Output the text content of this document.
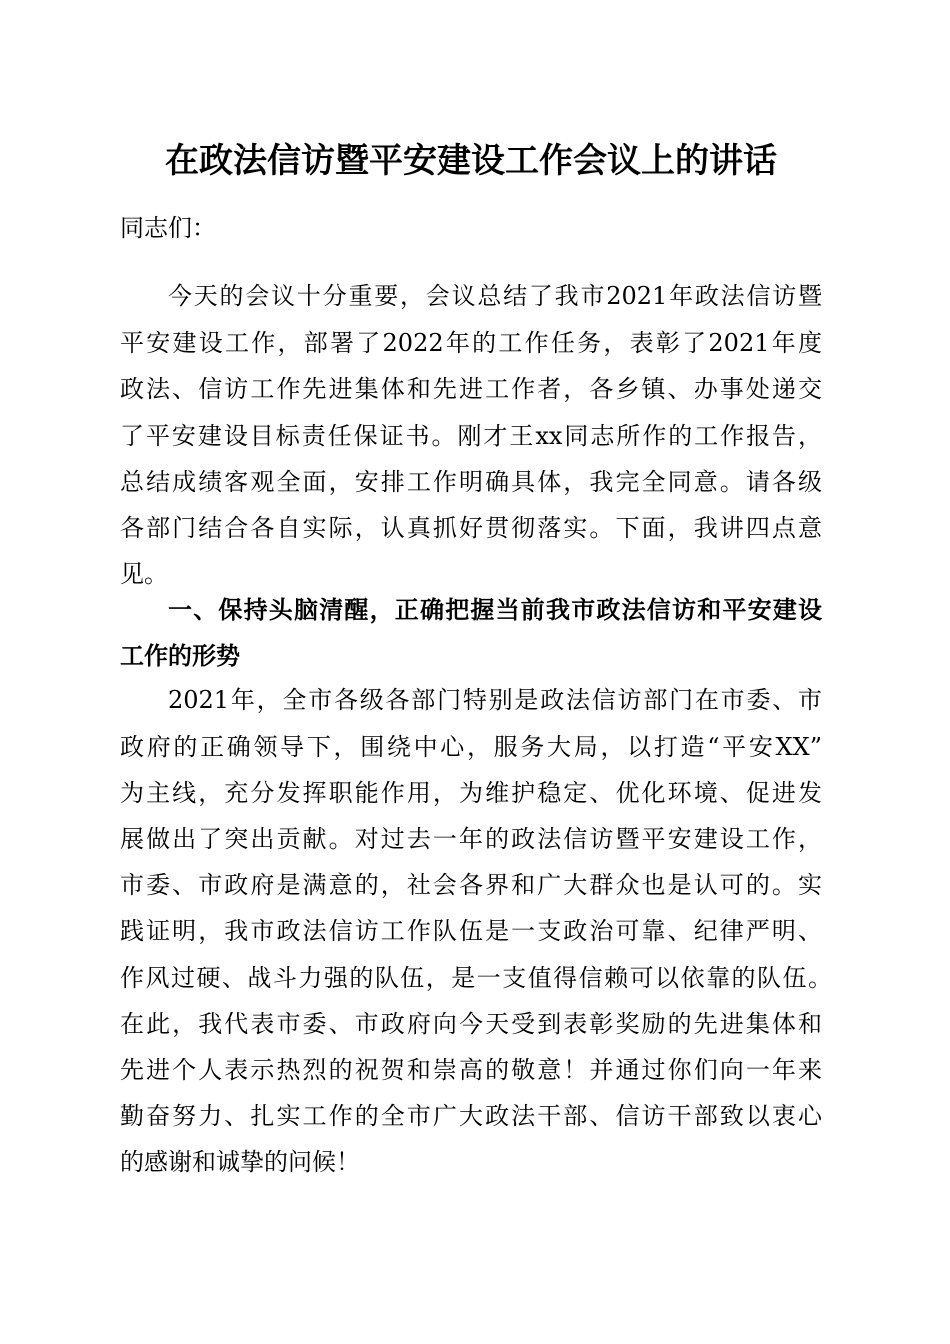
在政法信访暨平安建设工作会议上的讲话
同志们：
今天的会议十分重要，会议总结了我市2021年政法信访暨
平安建设工作，部署了2022年的工作任务，表彰了2021年度
政法、信访工作先进集体和先进工作者，各乡镇、办事处递交
了平安建设目标责任保证书。刚才王xx同志所作的工作报告，
总结成绩客观全面，安排工作明确具体，我完全同意。请各级
各部门结合各自实际，认真抓好贯彻落实。下面，我讲四点意
见。
一、保持头脑清醒，正确把握当前我市政法信访和平安建设
工作的形势
2021年，全市各级各部门特别是政法信访部门在市委、市
政府的正确领导下，围绕中心，服务大局，以打造“平安XX”
为主线，充分发挥职能作用，为维护稳定、优化环境、促进发
展做出了突出贡献。对过去一年的政法信访暨平安建设工作，
市委、市政府是满意的，社会各界和广大群众也是认可的。实
践证明，我市政法信访工作队伍是一支政治可靠、纪律严明、
作风过硬、战斗力强的队伍，是一支值得信赖可以依靠的队伍。
在此，我代表市委、市政府向今天受到表彰奖励的先进集体和
先进个人表示热烈的祝贺和崇高的敬意！并通过你们向一年来
勤奋努力、扎实工作的全市广大政法干部、信访干部致以衷心
的感谢和诚挚的问候！
